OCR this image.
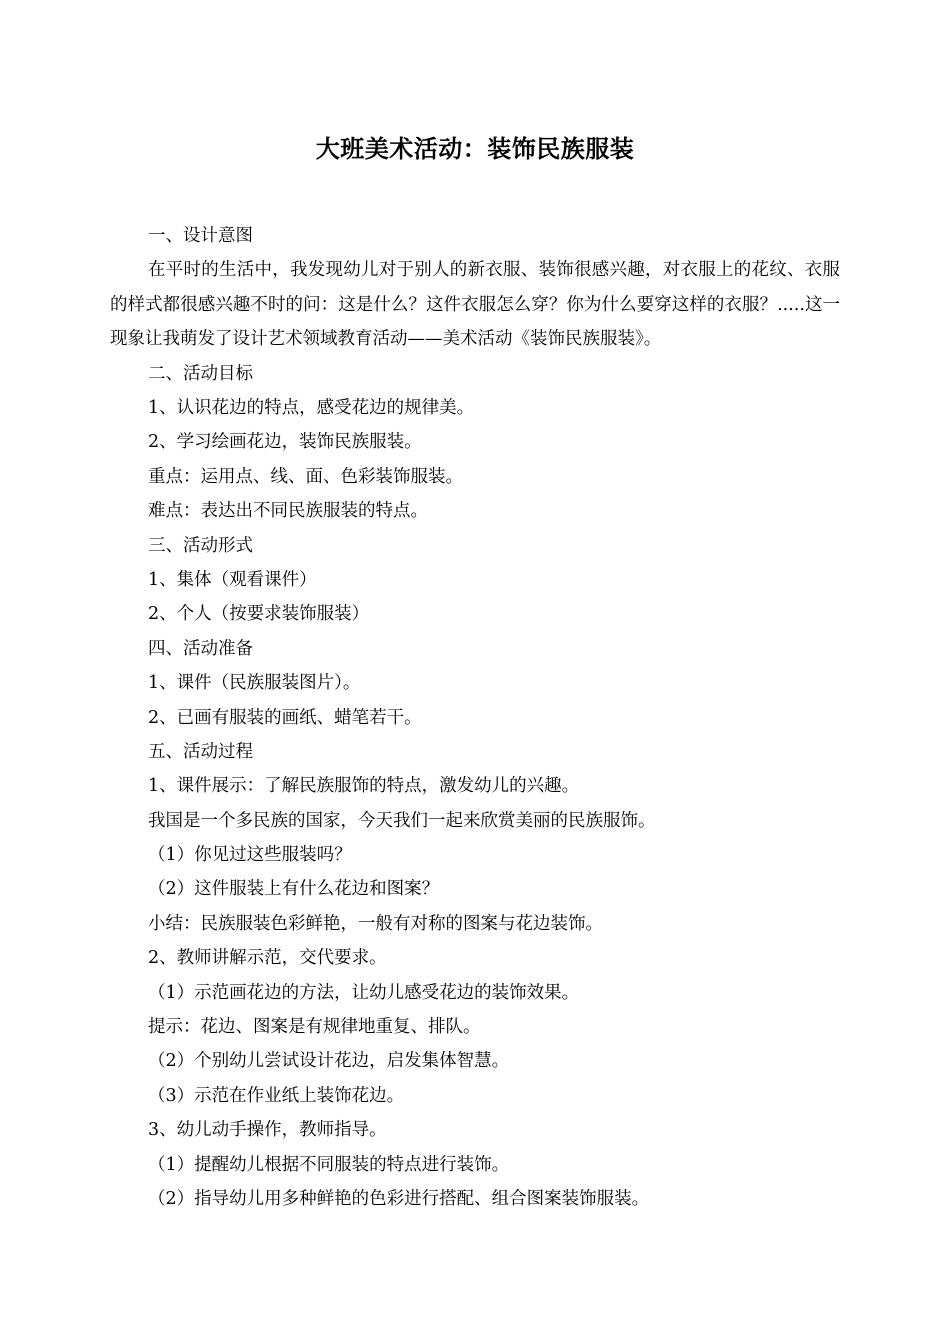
大班美术活动：装饰民族服装
一、设计意图
在平时的生活中，我发现幼儿对于别人的新衣服、装饰很感兴趣，对衣服上的花纹、衣服的样式都很感兴趣不时的问：这是什么？这件衣服怎么穿？你为什么要穿这样的衣服？.....这一现象让我萌发了设计艺术领域教育活动——美术活动《装饰民族服装》。
二、活动目标
1、认识花边的特点，感受花边的规律美。
2、学习绘画花边，装饰民族服装。
重点：运用点、线、面、色彩装饰服装。
难点：表达出不同民族服装的特点。
三、活动形式
1、集体（观看课件）
2、个人（按要求装饰服装）
四、活动准备
1、课件（民族服装图片）。
2、已画有服装的画纸、蜡笔若干。
五、活动过程
1、课件展示：了解民族服饰的特点，激发幼儿的兴趣。
我国是一个多民族的国家，今天我们一起来欣赏美丽的民族服饰。
（1）你见过这些服装吗？
（2）这件服装上有什么花边和图案？
小结：民族服装色彩鲜艳，一般有对称的图案与花边装饰。
2、教师讲解示范，交代要求。
（1）示范画花边的方法，让幼儿感受花边的装饰效果。
提示：花边、图案是有规律地重复、排队。
（2）个别幼儿尝试设计花边，启发集体智慧。
（3）示范在作业纸上装饰花边。
3、幼儿动手操作，教师指导。
（1）提醒幼儿根据不同服装的特点进行装饰。
（2）指导幼儿用多种鲜艳的色彩进行搭配、组合图案装饰服装。
